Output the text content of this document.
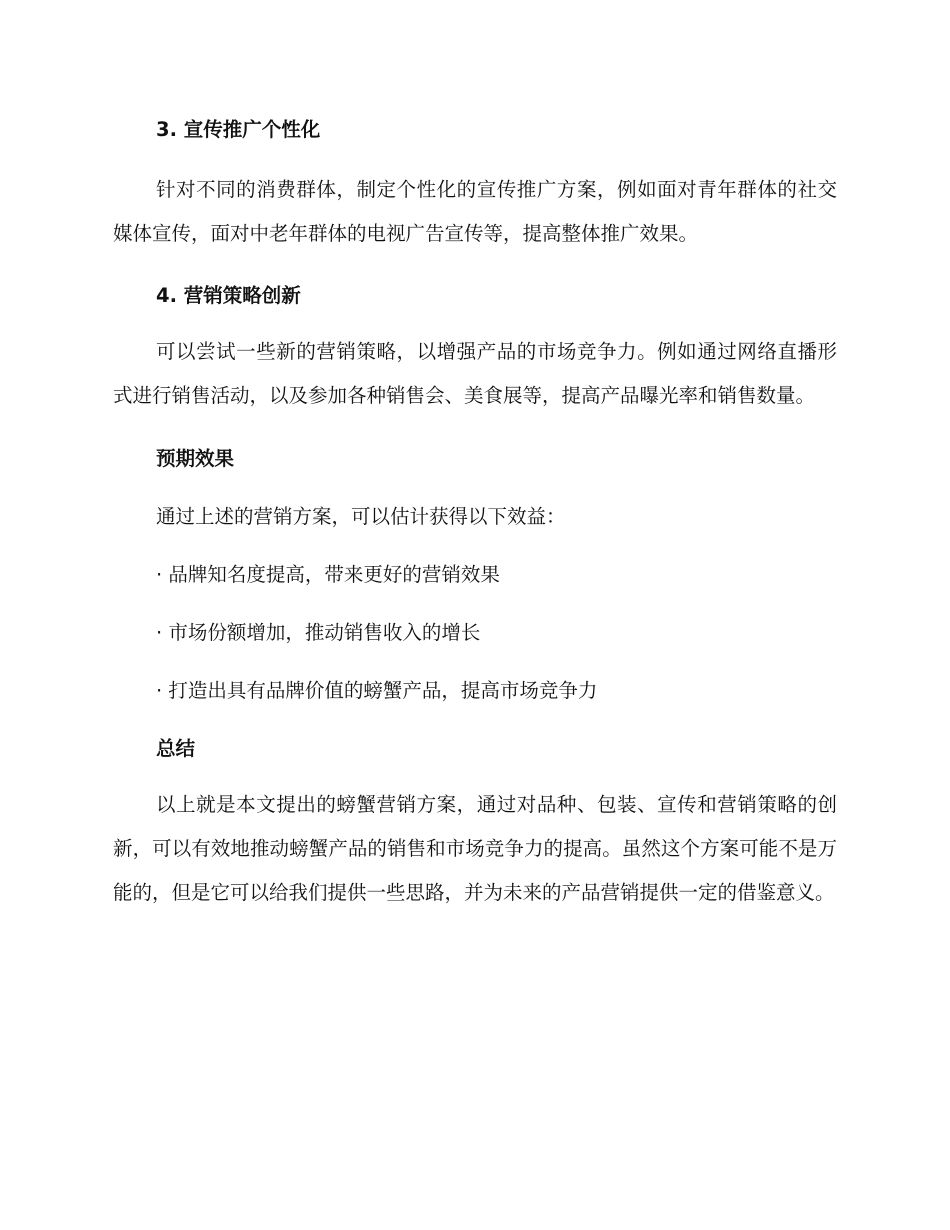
3. 宣传推广个性化

针对不同的消费群体，制定个性化的宣传推广方案，例如面对青年群体的社交媒体宣传，面对中老年群体的电视广告宣传等，提高整体推广效果。

4. 营销策略创新

可以尝试一些新的营销策略，以增强产品的市场竞争力。例如通过网络直播形式进行销售活动，以及参加各种销售会、美食展等，提高产品曝光率和销售数量。

预期效果

通过上述的营销方案，可以估计获得以下效益：

· 品牌知名度提高，带来更好的营销效果

· 市场份额增加，推动销售收入的增长

· 打造出具有品牌价值的螃蟹产品，提高市场竞争力

总结

以上就是本文提出的螃蟹营销方案，通过对品种、包装、宣传和营销策略的创新，可以有效地推动螃蟹产品的销售和市场竞争力的提高。虽然这个方案可能不是万能的，但是它可以给我们提供一些思路，并为未来的产品营销提供一定的借鉴意义。
